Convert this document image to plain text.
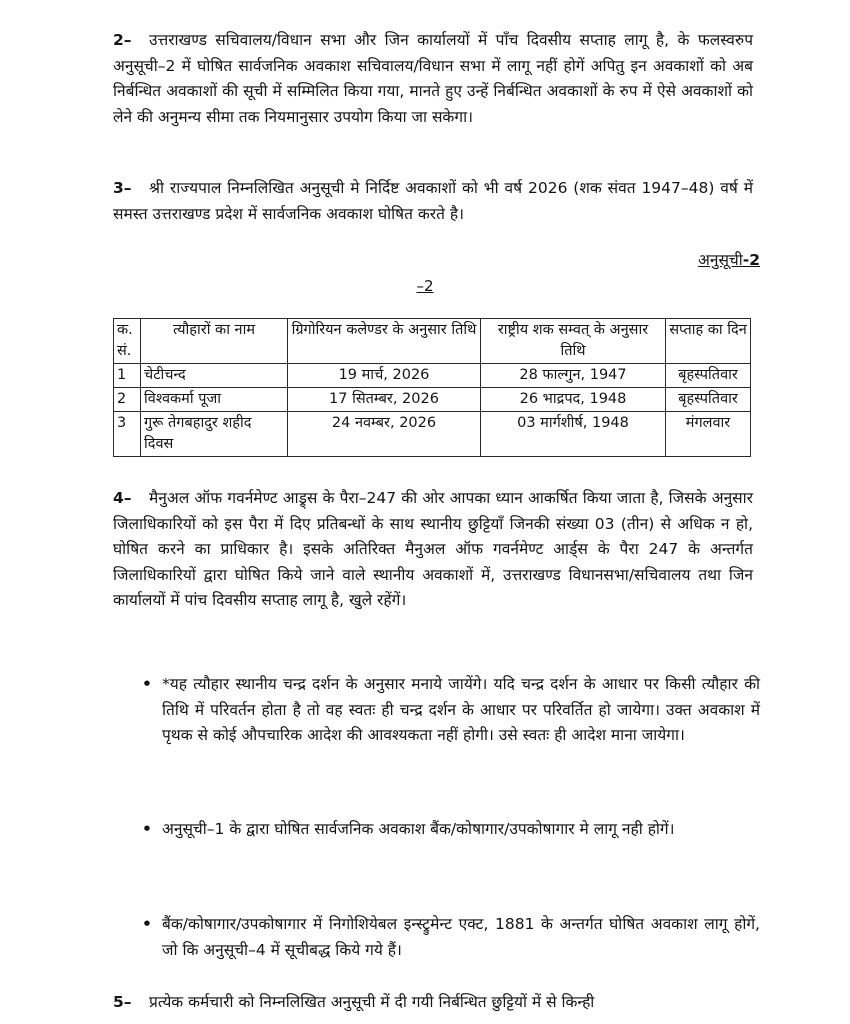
2– उत्तराखण्ड सचिवालय/विधान सभा और जिन कार्यालयों में पाँच दिवसीय सप्ताह लागू है, के फलस्वरुप अनुसूची–2 में घोषित सार्वजनिक अवकाश सचिवालय/विधान सभा में लागू नहीं होगें अपितु इन अवकाशों को अब निर्बन्धित अवकाशों की सूची में सम्मिलित किया गया, मानते हुए उन्हें निर्बन्धित अवकाशों के रुप में ऐसे अवकाशों को लेने की अनुमन्य सीमा तक नियमानुसार उपयोग किया जा सकेगा।

3– श्री राज्यपाल निम्नलिखित अनुसूची मे निर्दिष्ट अवकाशों को भी वर्ष 2026 (शक संवत 1947–48) वर्ष में समस्त उत्तराखण्ड प्रदेश में सार्वजनिक अवकाश घोषित करते है।

अनुसूची-2
–2
क. सं.	त्यौहारों का नाम	ग्रिगोरियन कलेण्डर के अनुसार तिथि	राष्ट्रीय शक सम्वत् के अनुसार तिथि	सप्ताह का दिन
1	चेटीचन्द	19 मार्च, 2026	28 फाल्गुन, 1947	बृहस्पतिवार
2	विश्वकर्मा पूजा	17 सितम्बर, 2026	26 भाद्रपद, 1948	बृहस्पतिवार
3	गुरू तेगबहादुर शहीद दिवस	24 नवम्बर, 2026	03 मार्गशीर्ष, 1948	मंगलवार

4– मैनुअल ऑफ गवर्नमेण्ट आड्र्स के पैरा–247 की ओर आपका ध्यान आकर्षित किया जाता है, जिसके अनुसार जिलाधिकारियों को इस पैरा में दिए प्रतिबन्धों के साथ स्थानीय छुट्टियाँ जिनकी संख्या 03 (तीन) से अधिक न हो, घोषित करने का प्राधिकार है। इसके अतिरिक्त मैनुअल ऑफ गवर्नमेण्ट आर्ड्स के पैरा 247 के अन्तर्गत जिलाधिकारियों द्वारा घोषित किये जाने वाले स्थानीय अवकाशों में, उत्तराखण्ड विधानसभा/सचिवालय तथा जिन कार्यालयों में पांच दिवसीय सप्ताह लागू है, खुले रहेंगें।

• *यह त्यौहार स्थानीय चन्द्र दर्शन के अनुसार मनाये जायेंगे। यदि चन्द्र दर्शन के आधार पर किसी त्यौहार की तिथि में परिवर्तन होता है तो वह स्वतः ही चन्द्र दर्शन के आधार पर परिवर्तित हो जायेगा। उक्त अवकाश में पृथक से कोई औपचारिक आदेश की आवश्यकता नहीं होगी। उसे स्वतः ही आदेश माना जायेगा।
• अनुसूची–1 के द्वारा घोषित सार्वजनिक अवकाश बैंक/कोषागार/उपकोषागार मे लागू नही होगें।
• बैंक/कोषागार/उपकोषागार में निगोशियेबल इन्स्ट्रुमेन्ट एक्ट, 1881 के अन्तर्गत घोषित अवकाश लागू होगें, जो कि अनुसूची–4 में सूचीबद्ध किये गये हैं।

5– प्रत्येक कर्मचारी को निम्नलिखित अनुसूची में दी गयी निर्बन्धित छुट्टियों में से किन्ही
